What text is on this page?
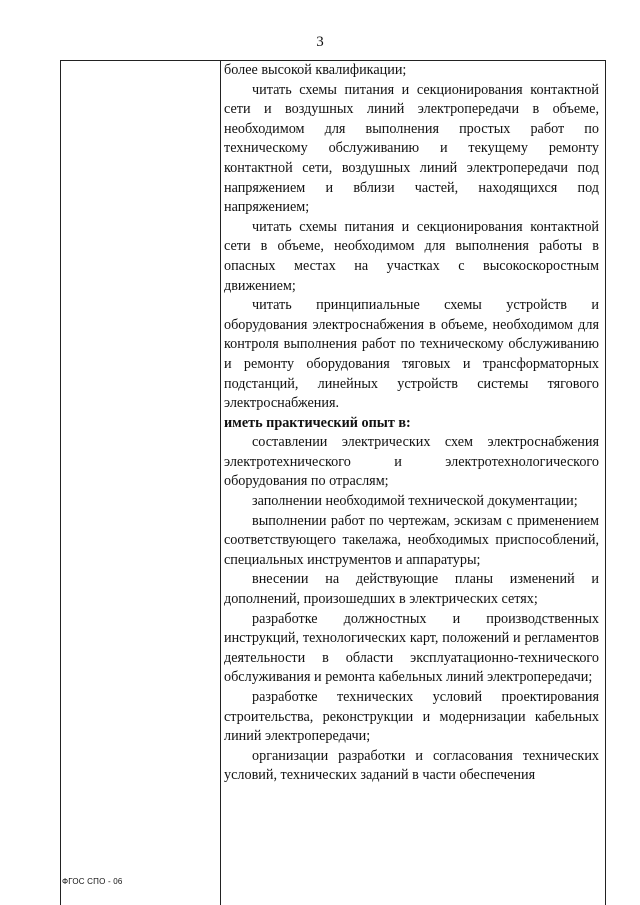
3

более высокой квалификации;

читать схемы питания и секционирования контактной сети и воздушных линий электропередачи в объеме, необходимом для выполнения простых работ по техническому обслуживанию и текущему ремонту контактной сети, воздушных линий электропередачи под напряжением и вблизи частей, находящихся под напряжением;

читать схемы питания и секционирования контактной сети в объеме, необходимом для выполнения работы в опасных местах на участках с высокоскоростным движением;

читать принципиальные схемы устройств и оборудования электроснабжения в объеме, необходимом для контроля выполнения работ по техническому обслуживанию и ремонту оборудования тяговых и трансформаторных подстанций, линейных устройств системы тягового электроснабжения.

иметь практический опыт в:

составлении электрических схем электроснабжения электротехнического и электротехнологического оборудования по отраслям;

заполнении необходимой технической документации;

выполнении работ по чертежам, эскизам с применением соответствующего такелажа, необходимых приспособлений, специальных инструментов и аппаратуры;

внесении на действующие планы изменений и дополнений, произошедших в электрических сетях;

разработке должностных и производственных инструкций, технологических карт, положений и регламентов деятельности в области эксплуатационно-технического обслуживания и ремонта кабельных линий электропередачи;

разработке технических условий проектирования строительства, реконструкции и модернизации кабельных линий электропередачи;

организации разработки и согласования технических условий, технических заданий в части обеспечения

ФГОС СПО - 06
